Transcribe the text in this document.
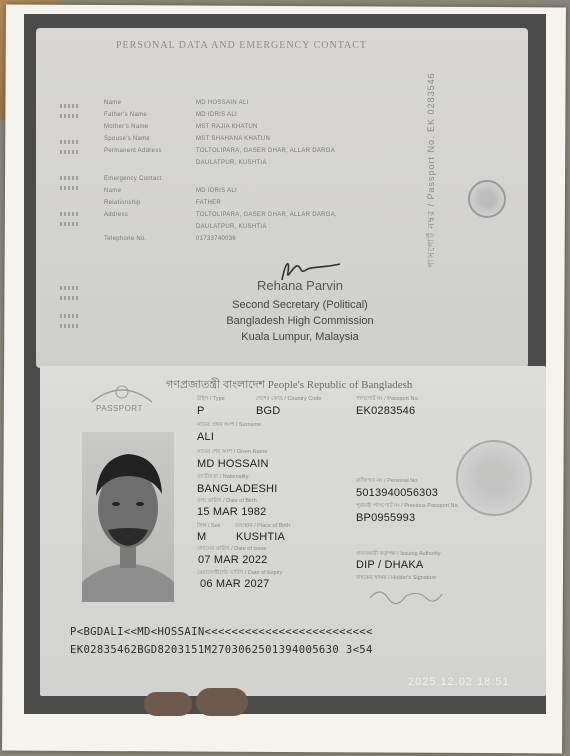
PERSONAL DATA AND EMERGENCY CONTACT
Name	MD HOSSAIN ALI
Father's Name	MD IDRIS ALI
Mother's Name	MST RAJIA KHATUN
Spouse's Name	MST SHAHANA KHATUN
Permanent Address	TOLTOLIPARA, GASER DHAR, ALLAR DARGA
DAULATPUR, KUSHTIA
Emergency Contact
Name	MD IDRIS ALI
Relationship	FATHER
Address	TOLTOLIPARA, GASER DHAR, ALLAR DARGA,
DAULATPUR, KUSHTIA
Telephone No.	01733740036	পাসপোর্ট নম্বর / Passport No. EK 0283546
Rehana Parvin
Second Secretary (Political)
Bangladesh High Commission
Kuala Lumpur, Malaysia
PASSPORT
গণপ্রজাতন্ত্রী বাংলাদেশ People's Republic of Bangladesh
টাইপ / Type	দেশের কোড / Country Code	পাসপোর্ট নং / Passport No.
P	BGD	EK0283546
নামের প্রথম অংশ / Surname
ALI
নামের শেষ অংশ / Given Name
MD HOSSAIN
জাতীয়তা / Nationality
BANGLADESHI
ব্যক্তিগত নং / Personal No.
5013940056303
জন্ম তারিখ / Date of Birth
15 MAR 1982	পূর্ববর্তী পাসপোর্ট নং / Previous Passport No.
BP0955993
লিঙ্গ / Sex	জন্মস্থান / Place of Birth
M	KUSHTIA
প্রদানের তারিখ / Date of Issue
07 MAR 2022	প্রদানকারী কর্তৃপক্ষ / Issuing Authority
DIP / DHAKA
মেয়াদোত্তীর্ণের তারিখ / Date of Expiry
06 MAR 2027	বাহকের স্বাক্ষর / Holder's Signature
P<BGDALI<<MD<HOSSAIN<<<<<<<<<<<<<<<<<<<<<<<<<
EK02835462BGD8203151M2703062501394005630 3<54
2025.12.02 18:51
